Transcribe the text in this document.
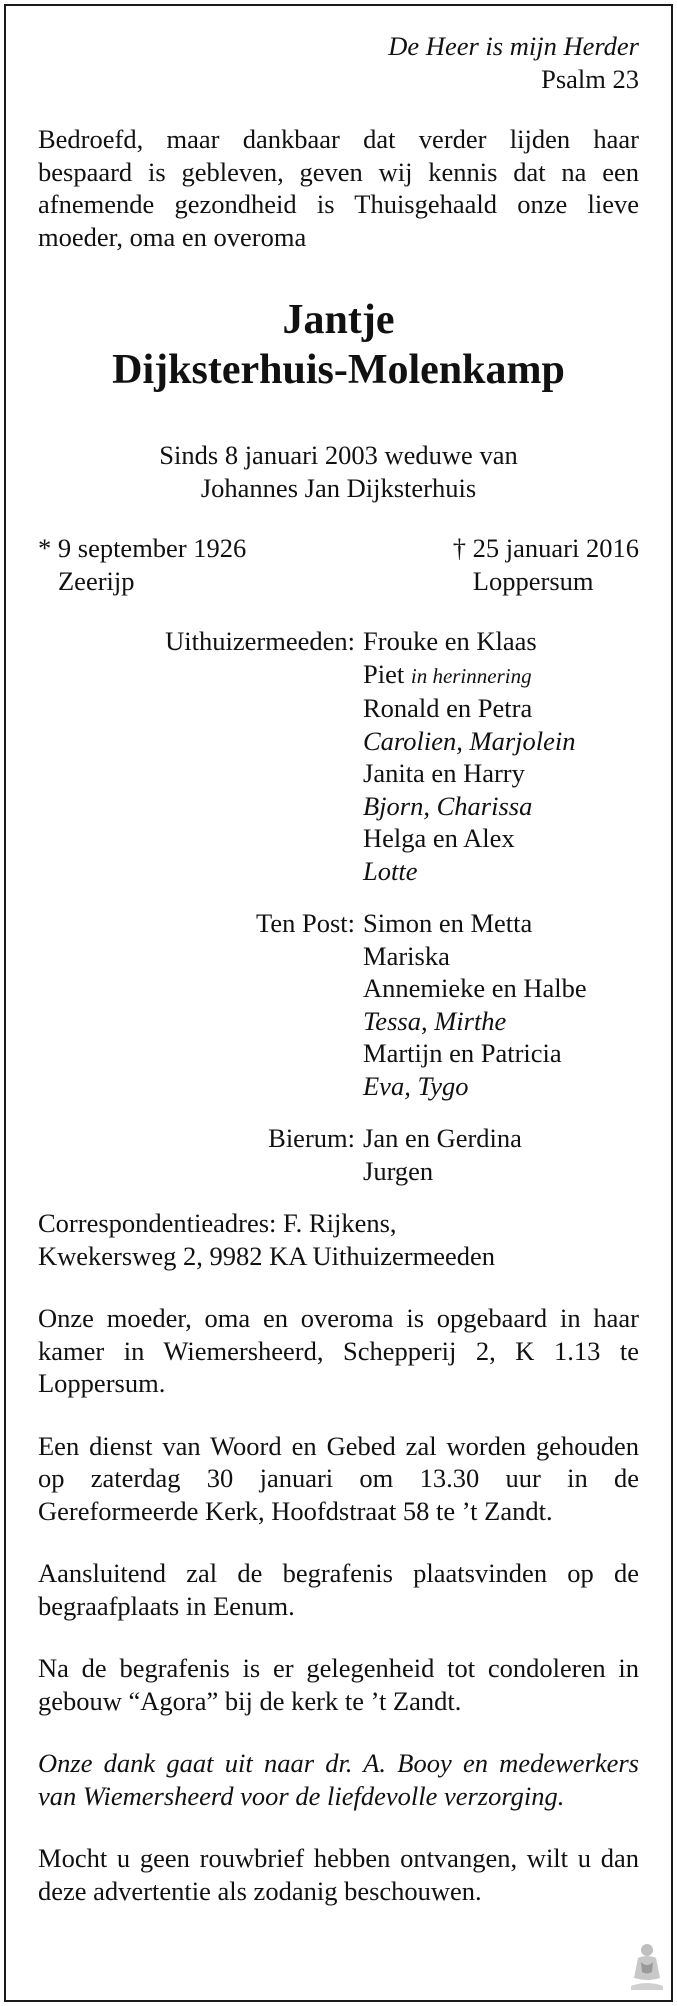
De Heer is mijn Herder
Psalm 23
Bedroefd, maar dankbaar dat verder lijden haar bespaard is gebleven, geven wij kennis dat na een afnemende gezondheid is Thuisgehaald onze lieve moeder, oma en overoma
Jantje
Dijksterhuis-Molenkamp
Sinds 8 januari 2003 weduwe van
Johannes Jan Dijksterhuis
* 9 september 1926
Zeerijp
† 25 januari 2016
Loppersum
Uithuizermeeden: Frouke en Klaas
Piet in herinnering
Ronald en Petra
Carolien, Marjolein
Janita en Harry
Bjorn, Charissa
Helga en Alex
Lotte
Ten Post: Simon en Metta
Mariska
Annemieke en Halbe
Tessa, Mirthe
Martijn en Patricia
Eva, Tygo
Bierum: Jan en Gerdina
Jurgen
Correspondentieadres: F. Rijkens,
Kwekersweg 2, 9982 KA Uithuizermeeden
Onze moeder, oma en overoma is opgebaard in haar kamer in Wiemersheerd, Schepperij 2, K 1.13 te Loppersum.
Een dienst van Woord en Gebed zal worden gehouden op zaterdag 30 januari om 13.30 uur in de Gereformeerde Kerk, Hoofdstraat 58 te ’t Zandt.
Aansluitend zal de begrafenis plaatsvinden op de begraafplaats in Eenum.
Na de begrafenis is er gelegenheid tot condoleren in gebouw “Agora” bij de kerk te ’t Zandt.
Onze dank gaat uit naar dr. A. Booy en medewerkers van Wiemersheerd voor de liefdevolle verzorging.
Mocht u geen rouwbrief hebben ontvangen, wilt u dan deze advertentie als zodanig beschouwen.
